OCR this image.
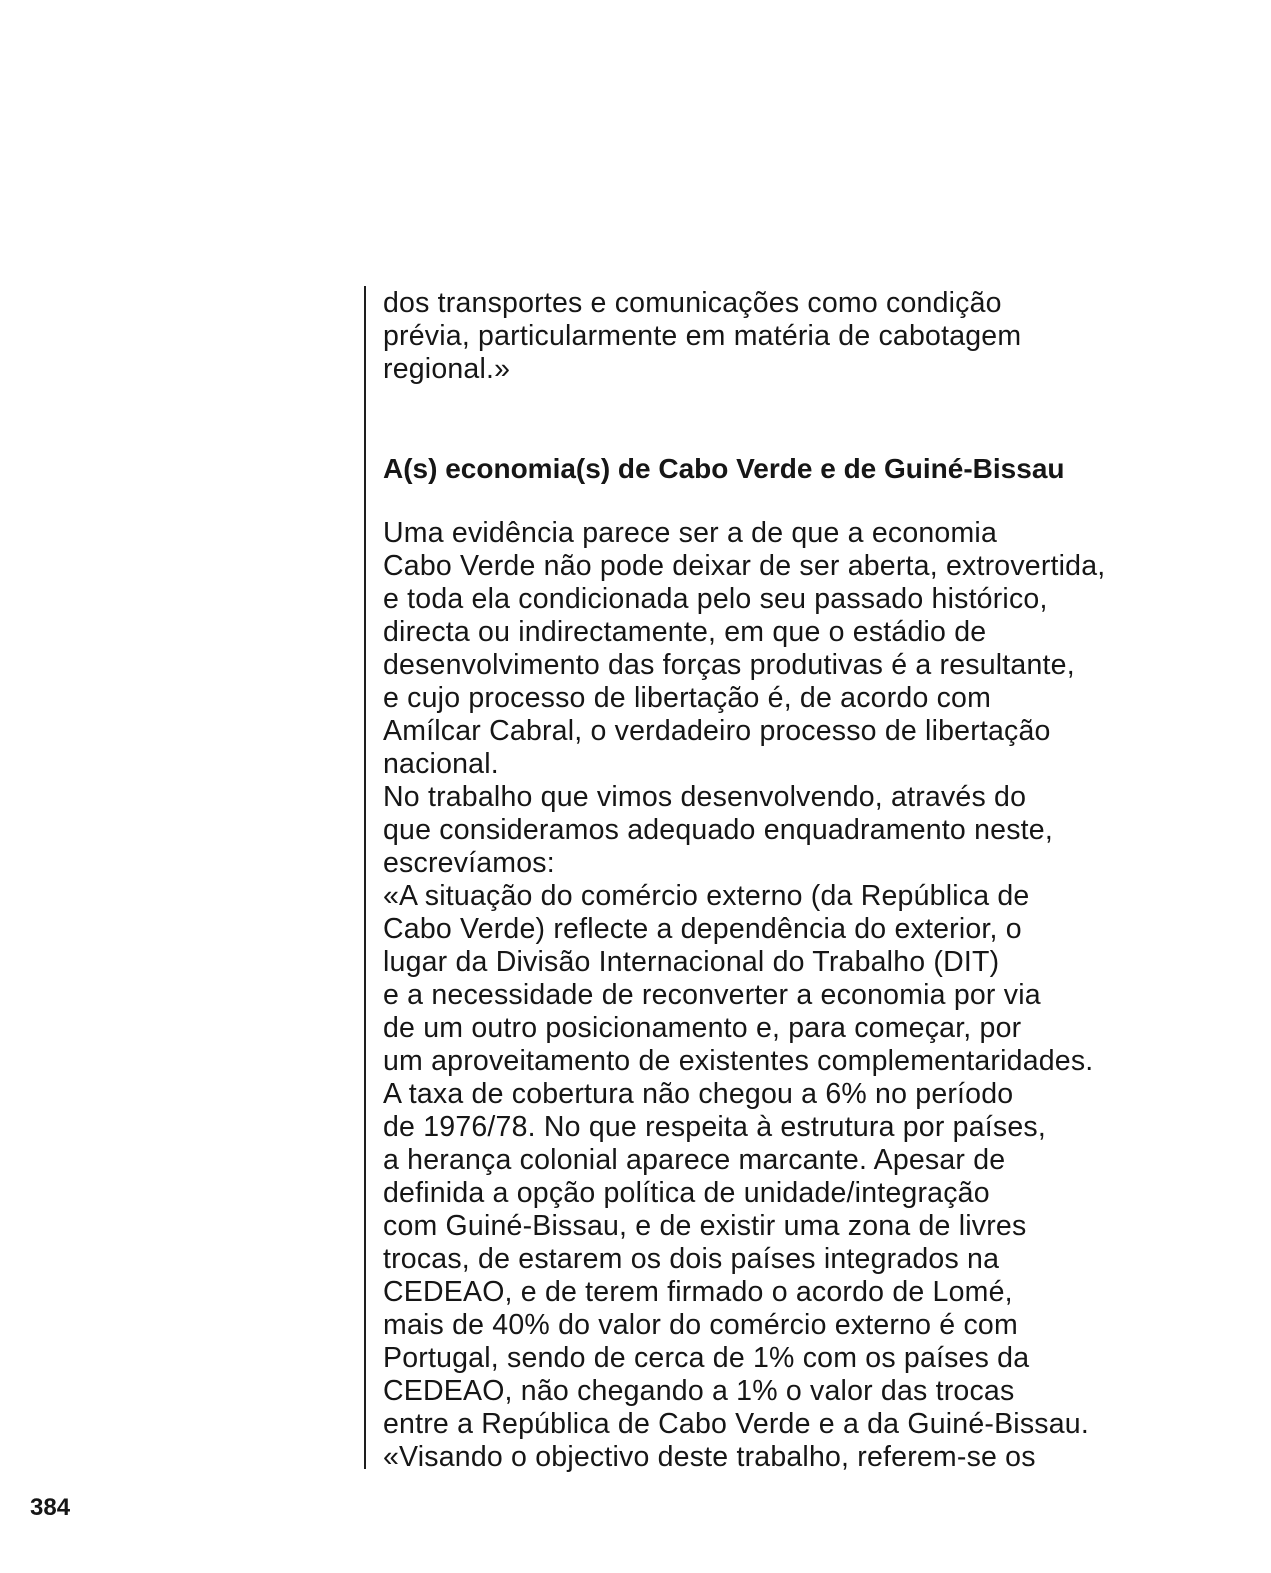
dos transportes e comunicações como condição
prévia, particularmente em matéria de cabotagem
regional.»
A(s) economia(s) de Cabo Verde e de Guiné-Bissau
Uma evidência parece ser a de que a economia
Cabo Verde não pode deixar de ser aberta, extrovertida,
e toda ela condicionada pelo seu passado histórico,
directa ou indirectamente, em que o estádio de
desenvolvimento das forças produtivas é a resultante,
e cujo processo de libertação é, de acordo com
Amílcar Cabral, o verdadeiro processo de libertação
nacional.
No trabalho que vimos desenvolvendo, através do
que consideramos adequado enquadramento neste,
escrevíamos:
«A situação do comércio externo (da República de
Cabo Verde) reflecte a dependência do exterior, o
lugar da Divisão Internacional do Trabalho (DIT)
e a necessidade de reconverter a economia por via
de um outro posicionamento e, para começar, por
um aproveitamento de existentes complementaridades.
A taxa de cobertura não chegou a 6% no período
de 1976/78. No que respeita à estrutura por países,
a herança colonial aparece marcante. Apesar de
definida a opção política de unidade/integração
com Guiné-Bissau, e de existir uma zona de livres
trocas, de estarem os dois países integrados na
CEDEAO, e de terem firmado o acordo de Lomé,
mais de 40% do valor do comércio externo é com
Portugal, sendo de cerca de 1% com os países da
CEDEAO, não chegando a 1% o valor das trocas
entre a República de Cabo Verde e a da Guiné-Bissau.
«Visando o objectivo deste trabalho, referem-se os
384
